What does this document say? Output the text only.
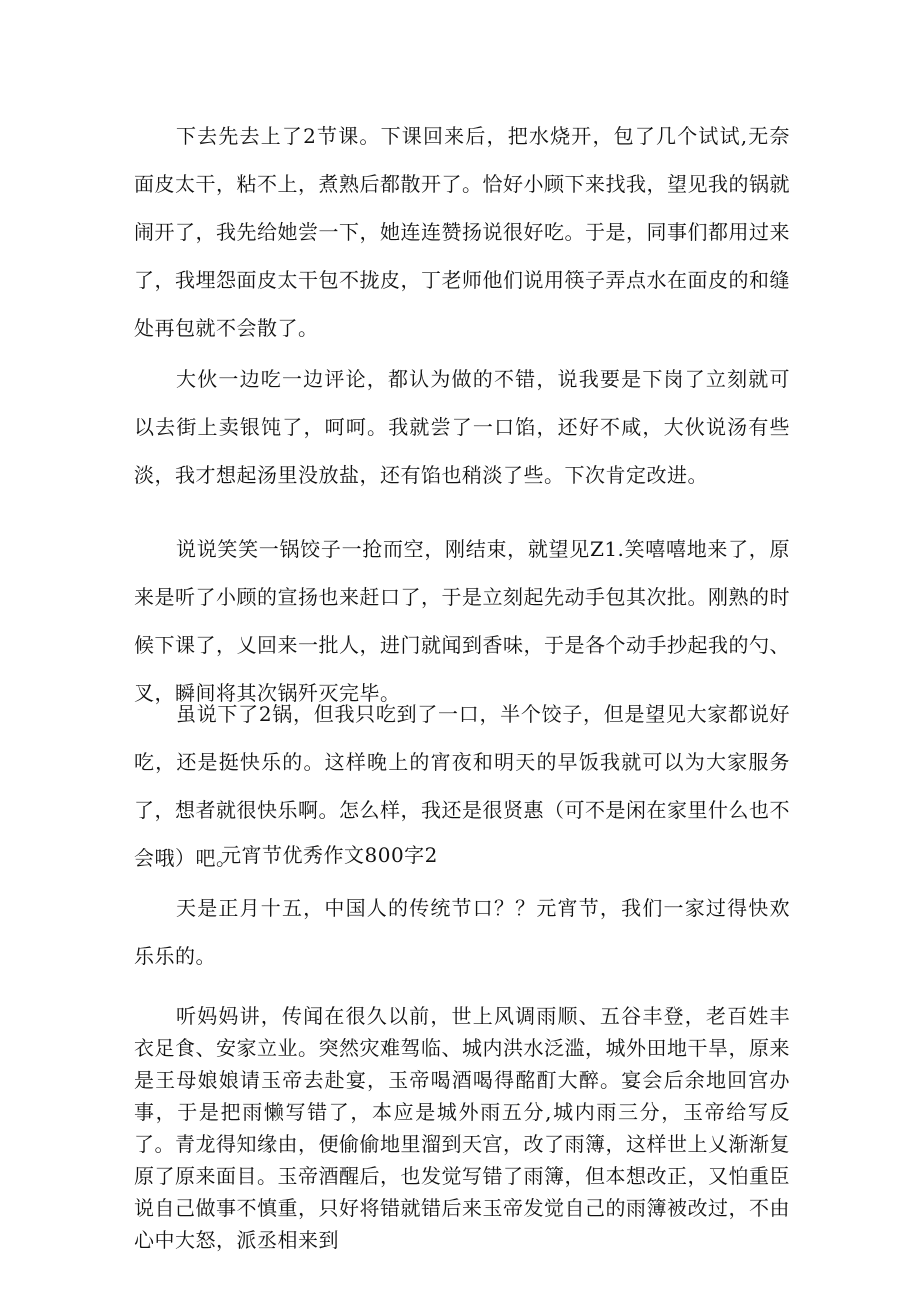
下去先去上了2节课。下课回来后，把水烧开，包了几个试试,无奈面皮太干，粘不上，煮熟后都散开了。恰好小顾下来找我，望见我的锅就闹开了，我先给她尝一下，她连连赞扬说很好吃。于是，同事们都用过来了，我埋怨面皮太干包不拢皮，丁老师他们说用筷子弄点水在面皮的和缝处再包就不会散了。

大伙一边吃一边评论，都认为做的不错，说我要是下岗了立刻就可以去街上卖银饨了，呵呵。我就尝了一口馅，还好不咸，大伙说汤有些淡，我才想起汤里没放盐，还有馅也稍淡了些。下次肯定改进。

说说笑笑一锅饺子一抢而空，刚结束，就望见Z1.笑嘻嘻地来了，原来是听了小顾的宣扬也来赶口了，于是立刻起先动手包其次批。刚熟的时候下课了，乂回来一批人，进门就闻到香味，于是各个动手抄起我的勺、叉，瞬间将其次锅歼灭完毕。

虽说下了2锅，但我只吃到了一口，半个饺子，但是望见大家都说好吃，还是挺快乐的。这样晚上的宵夜和明天的早饭我就可以为大家服务了，想者就很快乐啊。怎么样，我还是很贤惠（可不是闲在家里什么也不会哦）吧。

元宵节优秀作文800字2

天是正月十五，中国人的传统节口？？元宵节，我们一家过得快欢乐乐的。

听妈妈讲，传闻在很久以前，世上风调雨顺、五谷丰登，老百姓丰衣足食、安家立业。突然灾难驾临、城内洪水泛滥，城外田地干旱，原来是王母娘娘请玉帝去赴宴，玉帝喝酒喝得酩酊大醉。宴会后余地回宫办事，于是把雨懒写错了，本应是城外雨五分,城内雨三分，玉帝给写反了。青龙得知缘由，便偷偷地里溜到天宫，改了雨簿，这样世上乂渐渐复原了原来面目。玉帝酒醒后，也发觉写错了雨簿，但本想改正，又怕重臣说自己做事不慎重，只好将错就错后来玉帝发觉自己的雨簿被改过，不由心中大怒，派丞相来到
